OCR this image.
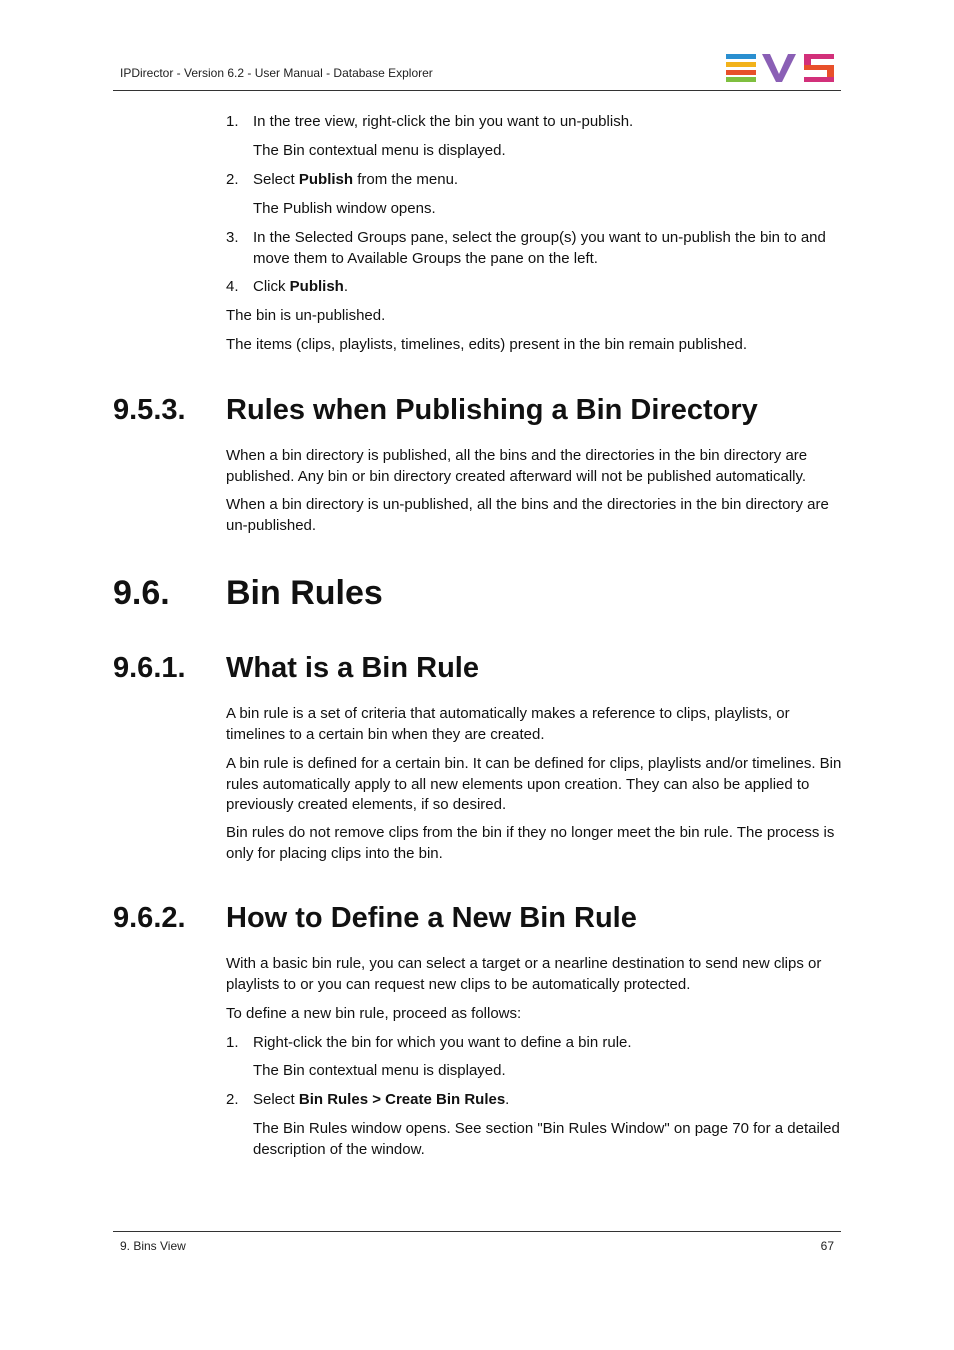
IPDirector - Version 6.2 - User Manual - Database Explorer
1. In the tree view, right-click the bin you want to un-publish.
The Bin contextual menu is displayed.
2. Select Publish from the menu.
The Publish window opens.
3. In the Selected Groups pane, select the group(s) you want to un-publish the bin to and move them to Available Groups the pane on the left.
4. Click Publish.
The bin is un-published.
The items (clips, playlists, timelines, edits) present in the bin remain published.
9.5.3. Rules when Publishing a Bin Directory
When a bin directory is published, all the bins and the directories in the bin directory are published. Any bin or bin directory created afterward will not be published automatically.
When a bin directory is un-published, all the bins and the directories in the bin directory are un-published.
9.6. Bin Rules
9.6.1. What is a Bin Rule
A bin rule is a set of criteria that automatically makes a reference to clips, playlists, or timelines to a certain bin when they are created.
A bin rule is defined for a certain bin. It can be defined for clips, playlists and/or timelines. Bin rules automatically apply to all new elements upon creation. They can also be applied to previously created elements, if so desired.
Bin rules do not remove clips from the bin if they no longer meet the bin rule. The process is only for placing clips into the bin.
9.6.2. How to Define a New Bin Rule
With a basic bin rule, you can select a target or a nearline destination to send new clips or playlists to or you can request new clips to be automatically protected.
To define a new bin rule, proceed as follows:
1. Right-click the bin for which you want to define a bin rule.
The Bin contextual menu is displayed.
2. Select Bin Rules > Create Bin Rules.
The Bin Rules window opens. See section "Bin Rules Window" on page 70 for a detailed description of the window.
9. Bins View	67
